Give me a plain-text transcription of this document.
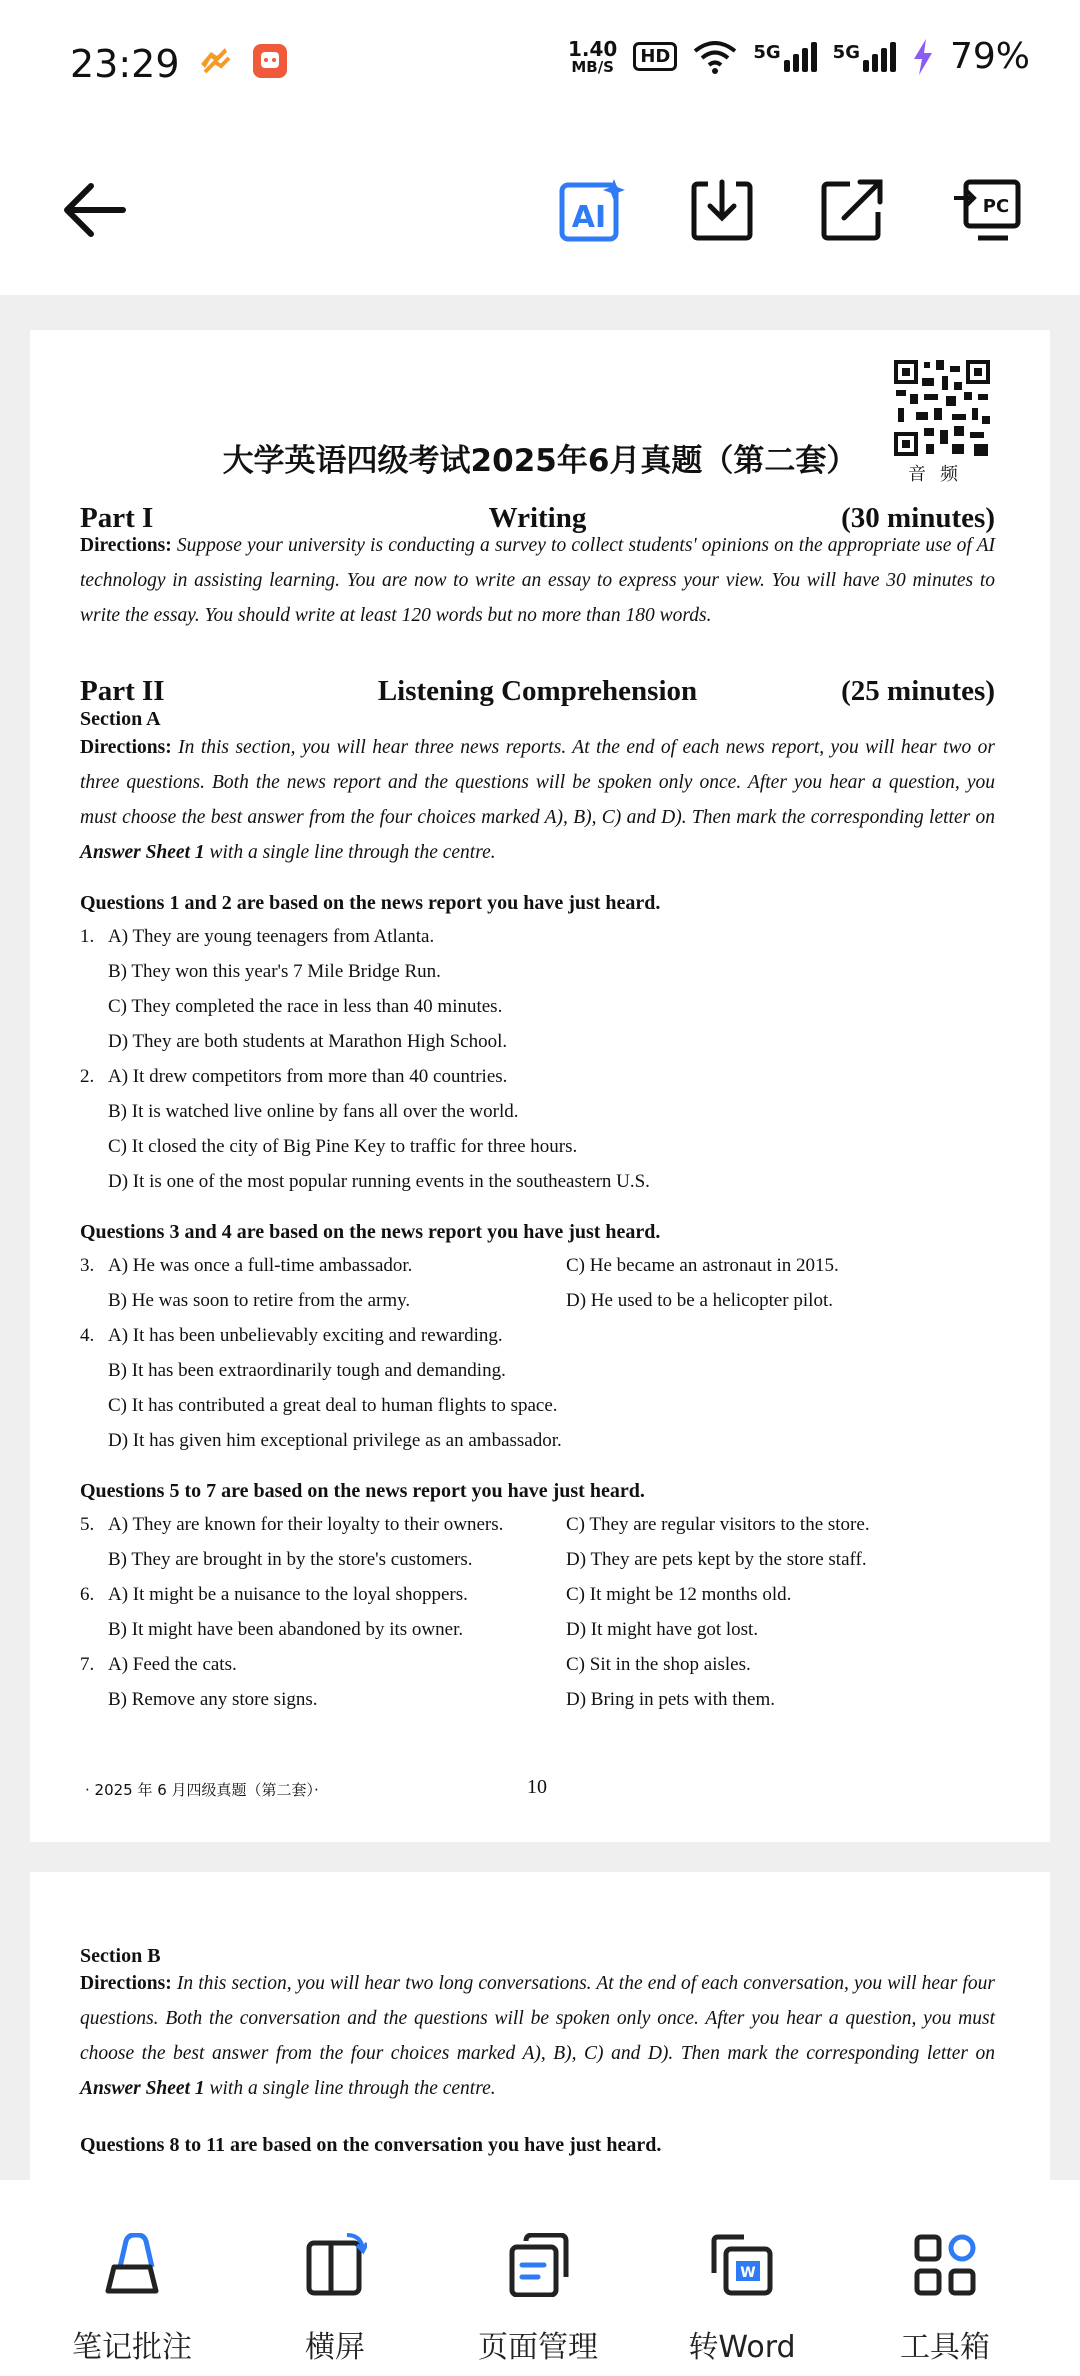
23:29	1.40
MB/S	HD	5G	5G	79%
AI	PC
音频
大学英语四级考试2025年6月真题（第二套）
Part I	Writing	(30 minutes)
Directions: Suppose your university is conducting a survey to collect students' opinions on the appropriate use of AI technology in assisting learning. You are now to write an essay to express your view. You will have 30 minutes to write the essay. You should write at least 120 words but no more than 180 words.
Part II	Listening Comprehension	(25 minutes)
Section A
Directions: In this section, you will hear three news reports. At the end of each news report, you will hear two or three questions. Both the news report and the questions will be spoken only once. After you hear a question, you must choose the best answer from the four choices marked A), B), C) and D). Then mark the corresponding letter on Answer Sheet 1 with a single line through the centre.
Questions 1 and 2 are based on the news report you have just heard.
1. A) They are young teenagers from Atlanta.
B) They won this year's 7 Mile Bridge Run.
C) They completed the race in less than 40 minutes.
D) They are both students at Marathon High School.
2. A) It drew competitors from more than 40 countries.
B) It is watched live online by fans all over the world.
C) It closed the city of Big Pine Key to traffic for three hours.
D) It is one of the most popular running events in the southeastern U.S.
Questions 3 and 4 are based on the news report you have just heard.
3. A) He was once a full-time ambassador.	C) He became an astronaut in 2015.
B) He was soon to retire from the army.	D) He used to be a helicopter pilot.
4. A) It has been unbelievably exciting and rewarding.
B) It has been extraordinarily tough and demanding.
C) It has contributed a great deal to human flights to space.
D) It has given him exceptional privilege as an ambassador.
Questions 5 to 7 are based on the news report you have just heard.
5. A) They are known for their loyalty to their owners.	C) They are regular visitors to the store.
B) They are brought in by the store's customers.	D) They are pets kept by the store staff.
6. A) It might be a nuisance to the loyal shoppers.	C) It might be 12 months old.
B) It might have been abandoned by its owner.	D) It might have got lost.
7. A) Feed the cats.	C) Sit in the shop aisles.
B) Remove any store signs.	D) Bring in pets with them.
· 2025 年 6 月四级真题（第二套）·	10
Section B
Directions: In this section, you will hear two long conversations. At the end of each conversation, you will hear four questions. Both the conversation and the questions will be spoken only once. After you hear a question, you must choose the best answer from the four choices marked A), B), C) and D). Then mark the corresponding letter on Answer Sheet 1 with a single line through the centre.
Questions 8 to 11 are based on the conversation you have just heard.
笔记批注	横屏	页面管理
W
转Word	工具箱
